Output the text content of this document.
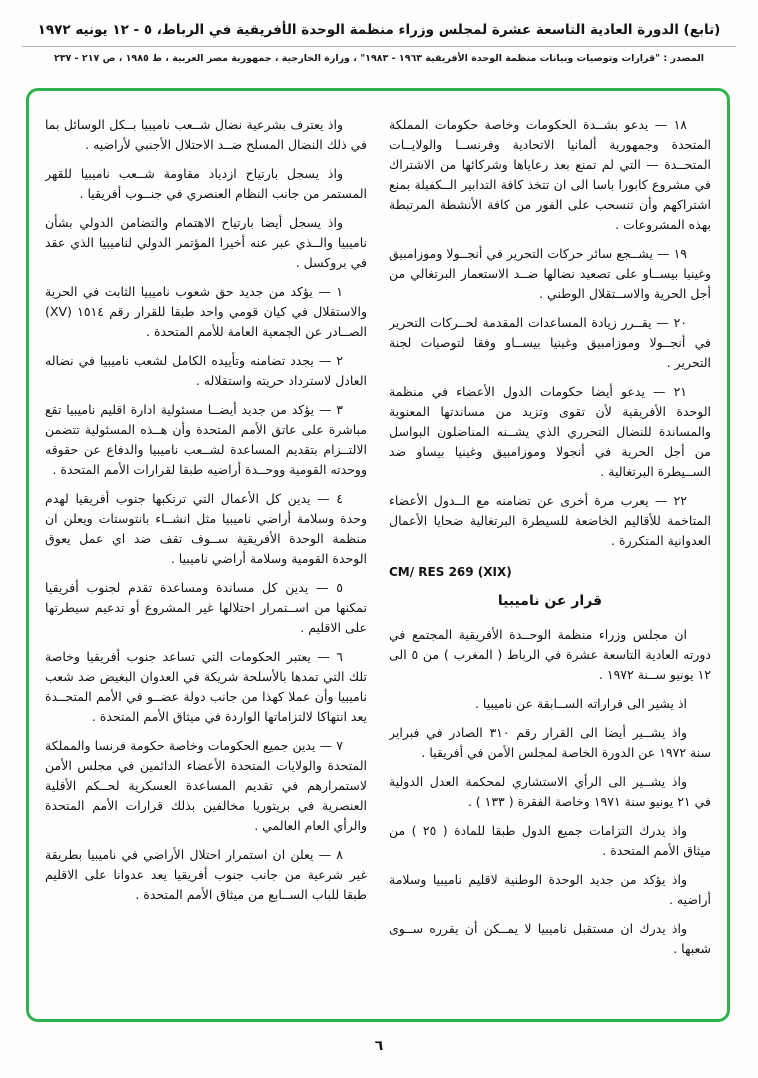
(تابع) الدورة العادية التاسعة عشرة لمجلس وزراء منظمة الوحدة الأفريقية في الرباط، ٥ - ١٢ يونيه ١٩٧٢
المصدر : "قرارات وتوصيات وبيانات منظمة الوحدة الأفريقية ١٩٦٣ - ١٩٨٣" ، وزارة الخارجية ، جمهورية مصر العربية ، ط ١٩٨٥ ، ص ٢١٧ - ٢٣٧
١٨ — يدعو بشــدة الحكومات وخاصة حكومات المملكة المتحدة وجمهورية ألمانيا الاتحادية وفرنســا والولايــات المتحــدة — التي لم تمنع بعد رعاياها وشركائها من الاشتراك في مشروع كابورا باسا الى ان تتخذ كافة التدابير الــكفيلة بمنع اشتراكهم وأن تنسحب على الفور من كافة الأنشطة المرتبطة بهذه المشروعات .
١٩ — يشــجع سائر حركات التحرير في أنجــولا وموزامبيق وغينيا بيســاو على تصعيد نضالها ضــد الاستعمار البرتغالي من أجل الحرية والاســتقلال الوطني .
٢٠ — يقــرر زيادة المساعدات المقدمة لحــركات التحرير في أنجــولا وموزامبيق وغينيا بيســاو وفقا لتوصيات لجنة التحرير .
٢١ — يدعو أيضا حكومات الدول الأعضاء في منظمة الوحدة الأفريقية لأن تقوى وتزيد من مساندتها المعنوية والمساندة للنضال التحرري الذي يشــنه المناضلون البواسل من أجل الحرية في أنجولا وموزامبيق وغينيا بيساو ضد الســيطرة البرتغالية .
٢٢ — يعرب مرة أخرى عن تضامنه مع الــدول الأعضاء المتاخمة للأقاليم الخاضعة للسيطرة البرتغالية ضحايا الأعمال العدوانية المتكررة .
CM/ RES 269 (XIX)
قرار عن ناميبيا
ان مجلس وزراء منظمة الوحــدة الأفريقية المجتمع في دورته العادية التاسعة عشرة في الرباط ( المغرب ) من ٥ الى ١٢ يونيو ســنة ١٩٧٢ .
اذ يشير الى قراراته الســابقة عن ناميبيا .
واذ يشــير أيضا الى القرار رقم ٣١٠ الصادر في فبراير سنة ١٩٧٢ عن الدورة الخاصة لمجلس الأمن في أفريقيا .
واذ يشــير الى الرأي الاستشاري لمحكمة العدل الدولية في ٢١ يونيو سنة ١٩٧١ وخاصة الفقرة ( ١٣٣ ) .
واذ يدرك التزامات جميع الدول طبقا للمادة ( ٢٥ ) من ميثاق الأمم المتحدة .
واذ يؤكد من جديد الوحدة الوطنية لاقليم ناميبيا وسلامة أراضيه .
واذ يدرك ان مستقبل ناميبيا لا يمــكن أن يقرره ســوى شعبها .
واذ يعترف بشرعية نضال شــعب ناميبيا بــكل الوسائل بما في ذلك النضال المسلح ضــد الاحتلال الأجنبي لأراضيه .
واذ يسجل بارتياح ازدياد مقاومة شــعب ناميبيا للقهر المستمر من جانب النظام العنصري في جنــوب أفريقيا .
واذ يسجل أيضا بارتياح الاهتمام والتضامن الدولي بشأن ناميبيا والــذي عبر عنه أخيرا المؤتمر الدولي لناميبيا الذي عقد في بروكسل .
١ — يؤكد من جديد حق شعوب ناميبيا الثابت في الحرية والاستقلال في كيان قومي واحد طبقا للقرار رقم ١٥١٤ (XV) الصــادر عن الجمعية العامة للأمم المتحدة .
٢ — يجدد تضامنه وتأييده الكامل لشعب ناميبيا في نضاله العادل لاسترداد حريته واستقلاله .
٣ — يؤكد من جديد أيضــا مسئولية ادارة اقليم ناميبيا تقع مباشرة على عاتق الأمم المتحدة وأن هــذه المسئولية تتضمن الالتــزام بتقديم المساعدة لشــعب ناميبيا والدفاع عن حقوقه ووحدته القومية ووحــدة أراضيه طبقا لقرارات الأمم المتحدة .
٤ — يدين كل الأعمال التي ترتكبها جنوب أفريقيا لهدم وحدة وسلامة أراضي ناميبيا مثل انشــاء بانتوستات ويعلن ان منظمة الوحدة الأفريقية ســوف تقف ضد اي عمل يعوق الوحدة القومية وسلامة أراضي ناميبيا .
٥ — يدين كل مساندة ومساعدة تقدم لجنوب أفريقيا تمكنها من اســتمرار احتلالها غير المشروع أو تدعيم سيطرتها على الاقليم .
٦ — يعتبر الحكومات التي تساعد جنوب أفريقيا وخاصة تلك التي تمدها بالأسلحة شريكة في العدوان البغيض ضد شعب ناميبيا وأن عملا كهذا من جانب دولة عضــو في الأمم المتحــدة يعد انتهاكا لالتزاماتها الواردة في ميثاق الأمم المتحدة .
٧ — يدين جميع الحكومات وخاصة حكومة فرنسا والمملكة المتحدة والولايات المتحدة الأعضاء الدائمين في مجلس الأمن لاستمرارهم في تقديم المساعدة العسكرية لحــكم الأقلية العنصرية في بريتوريا مخالفين بذلك قرارات الأمم المتحدة والرأي العام العالمي .
٨ — يعلن ان استمرار احتلال الأراضي في ناميبيا بطريقة غير شرعية من جانب جنوب أفريقيا يعد عدوانا على الاقليم طبقا للباب الســابع من ميثاق الأمم المتحدة .
٦
